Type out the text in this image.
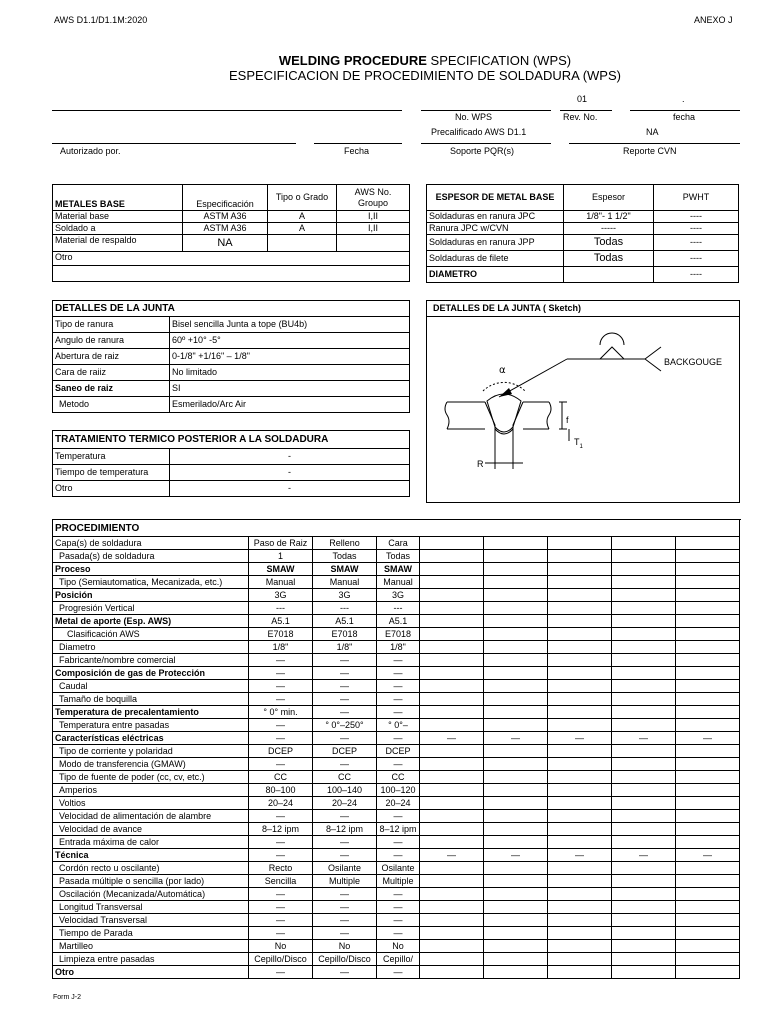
AWS D1.1/D1.1M:2020	ANEXO J
WELDING PROCEDURE SPECIFICATION (WPS)
ESPECIFICACION DE PROCEDIMIENTO DE SOLDADURA (WPS)
01	.
No. WPS	Rev. No.	fecha
Precalificado AWS D1.1	NA
Autorizado por.	Fecha	Soporte PQR(s)	Reporte CVN
METALES BASE	Especificación	Tipo o Grado	AWS No. Groupo
Material base	ASTM A36	A	I,II
Soldado a	ASTM A36	A	I,II
Material de respaldo	NA		
Otro			

ESPESOR DE METAL BASE	Espesor	PWHT
Soldaduras en ranura JPC	1/8"- 1 1/2"	----
Ranura JPC w/CVN	-----	----
Soldaduras en ranura JPP	Todas	----
Soldaduras de filete	Todas	----
DIAMETRO		----
DETALLES DE LA JUNTA	
Tipo de ranura	Bisel sencilla Junta a tope (BU4b)
Angulo de ranura	60º +10° -5°
Abertura de raiz	0-1/8" +1/16" – 1/8"
Cara de raiiz	No limitado
Saneo de raiz	SI
Metodo	Esmerilado/Arc Air
TRATAMIENTO TERMICO POSTERIOR A LA SOLDADURA	
Temperatura	-
Tiempo de temperatura	-
Otro	-
DETALLES DE LA JUNTA ( Sketch)
BACKGOUGE
α
f
$T_1$
R
PROCEDIMIENTO									
Capa(s) de soldadura	Paso de Raiz	Relleno	Cara						
Pasada(s) de soldadura	1	Todas	Todas						
Proceso	SMAW	SMAW	SMAW						
Tipo (Semiautomatica, Mecanizada, etc.)	Manual	Manual	Manual						
Posición	3G	3G	3G						
Progresión Vertical	---	---	---						
Metal de aporte (Esp. AWS)	A5.1	A5.1	A5.1						
Clasificación AWS	E7018	E7018	E7018						
Diametro	1/8"	1/8"	1/8"						
Fabricante/nombre comercial	—	—	—						
Composición de gas de Protección	—	—	—						
Caudal	—	—	—						
Tamaño de boquilla	—	—	—						
Temperatura de precalentamiento	° 0° min.	—	—						
Temperatura entre pasadas	—	° 0°–250°	° 0°–						
Características eléctricas	—	—	—	—	—	—	—	—	
Tipo de corriente y polaridad	DCEP	DCEP	DCEP						
Modo de transferencia (GMAW)	—	—	—						
Tipo de fuente de poder (cc, cv, etc.)	CC	CC	CC						
Amperios	80–100	100–140	100–120						
Voltios	20–24	20–24	20–24						
Velocidad de alimentación de alambre	—	—	—						
Velocidad de avance	8–12 ipm	8–12 ipm	8–12 ipm						
Entrada máxima de calor	—	—	—						
Técnica	—	—	—	—	—	—	—	—	
Cordón recto u oscilante)	Recto	Osilante	Osilante						
Pasada múltiple o sencilla (por lado)	Sencilla	Multiple	Multiple						
Oscilación (Mecanizada/Automática)	—	—	—						
Longitud Transversal	—	—	—						
Velocidad Transversal	—	—	—						
Tiempo de Parada	—	—	—						
Martilleo	No	No	No						
Limpieza entre pasadas	Cepillo/Disco	Cepillo/Disco	Cepillo/						
Otro	—	—	—						
Form J-2
